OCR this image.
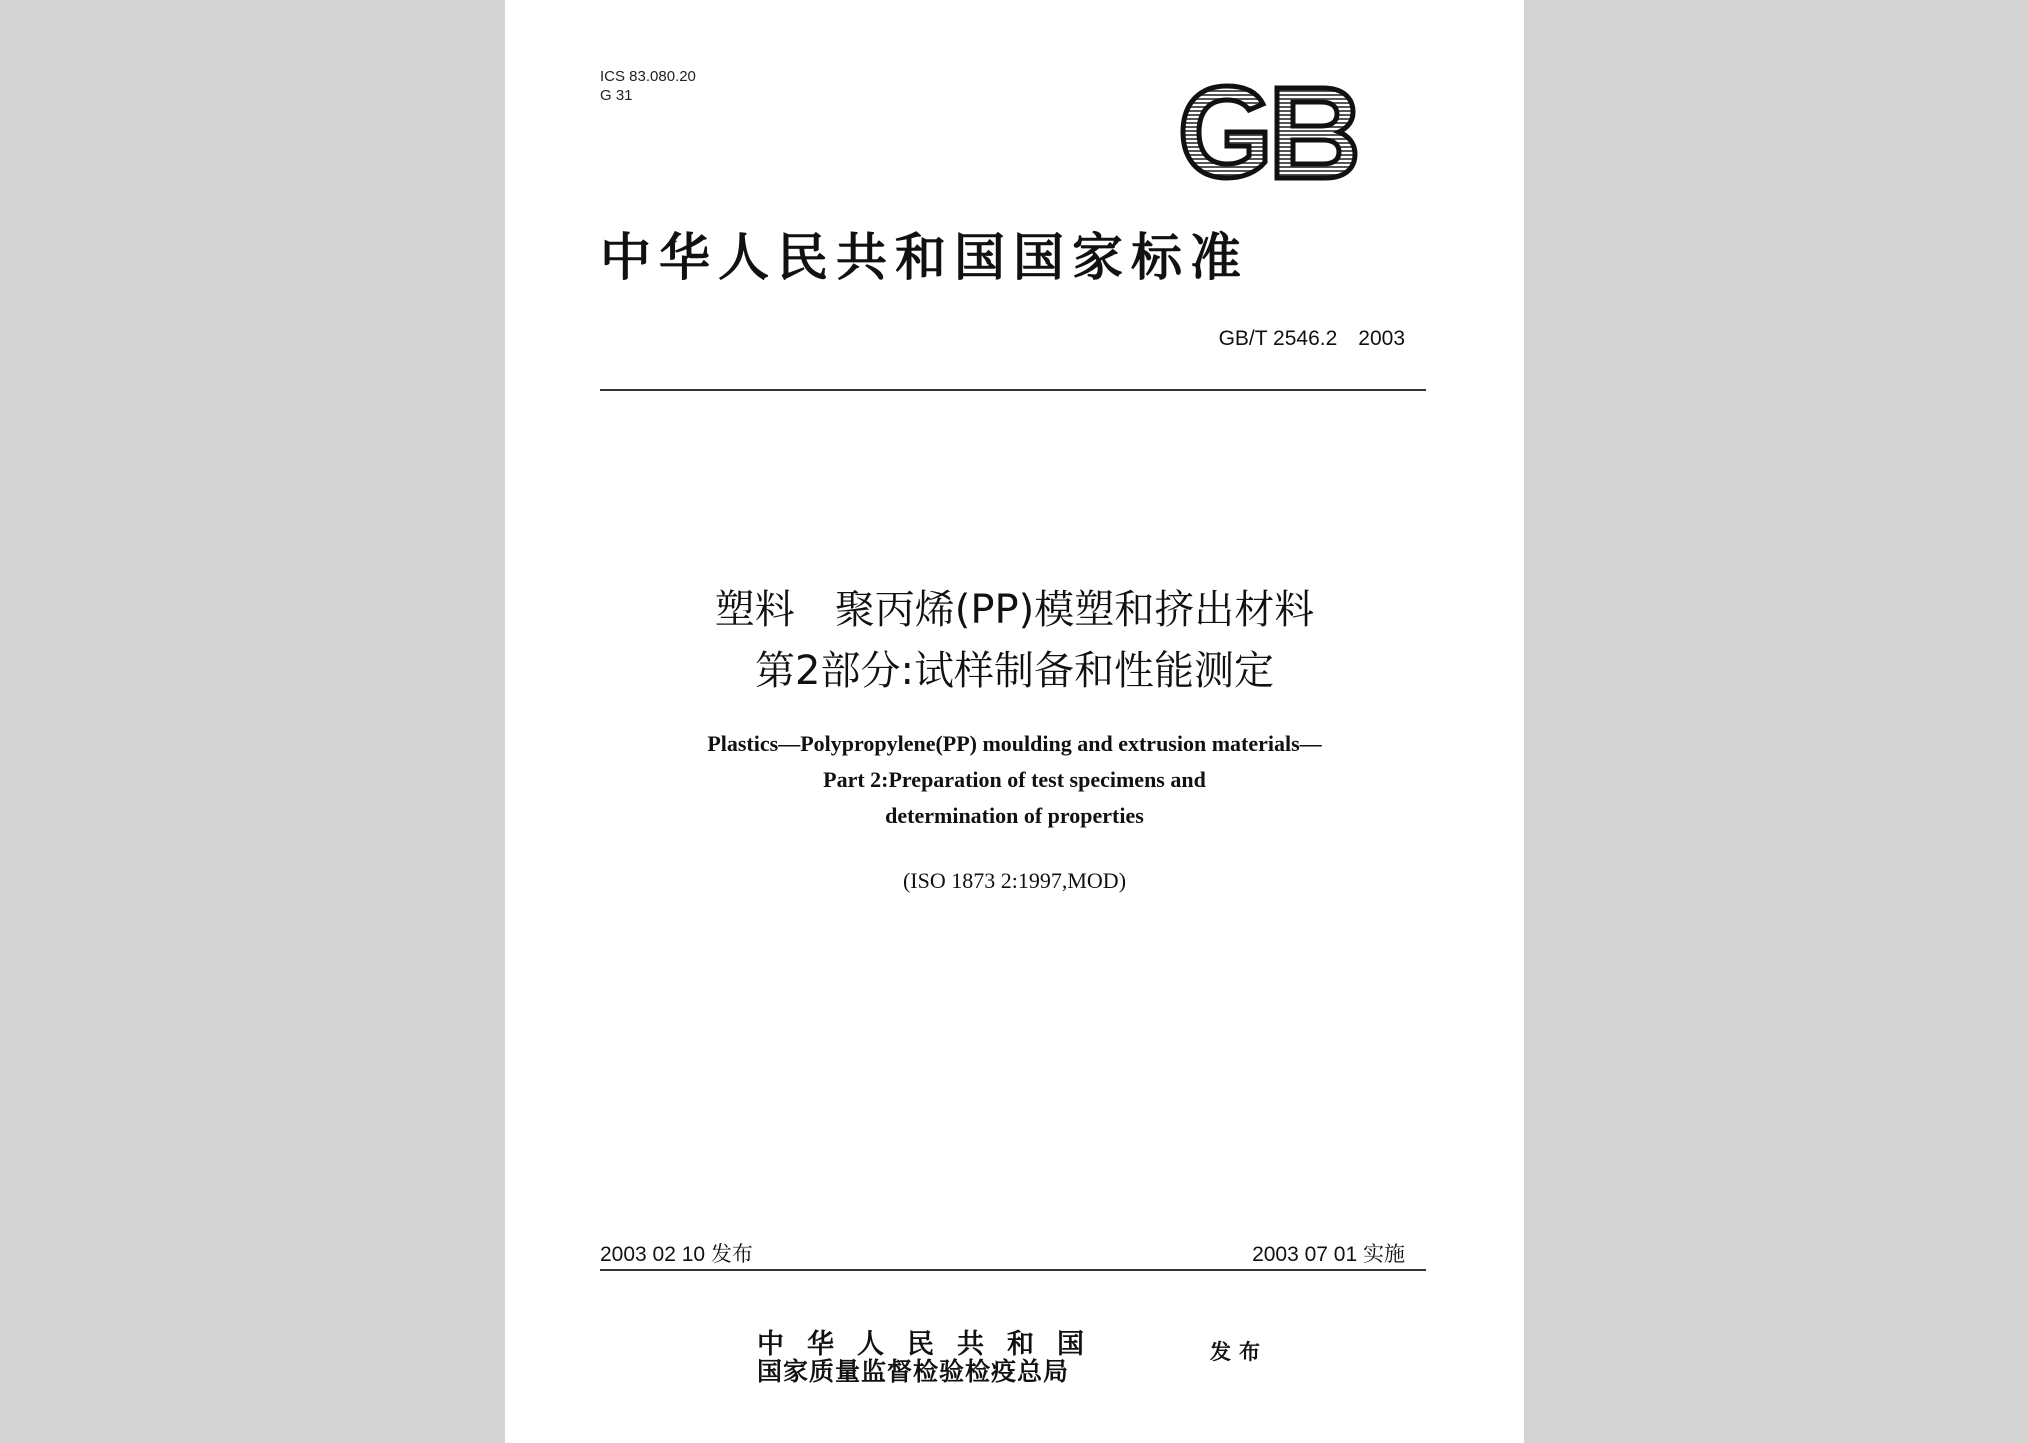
ICS 83.080.20
G 31
中华人民共和国国家标准
GB/T 2546.2　2003
塑料　聚丙烯(PP)模塑和挤出材料
第2部分:试样制备和性能测定
Plastics—Polypropylene(PP) moulding and extrusion materials—
Part 2:Preparation of test specimens and
determination of properties
(ISO 1873 2:1997,MOD)
2003 02 10 发布	2003 07 01 实施
中华人民共和国
国家质量监督检验检疫总局
发布
